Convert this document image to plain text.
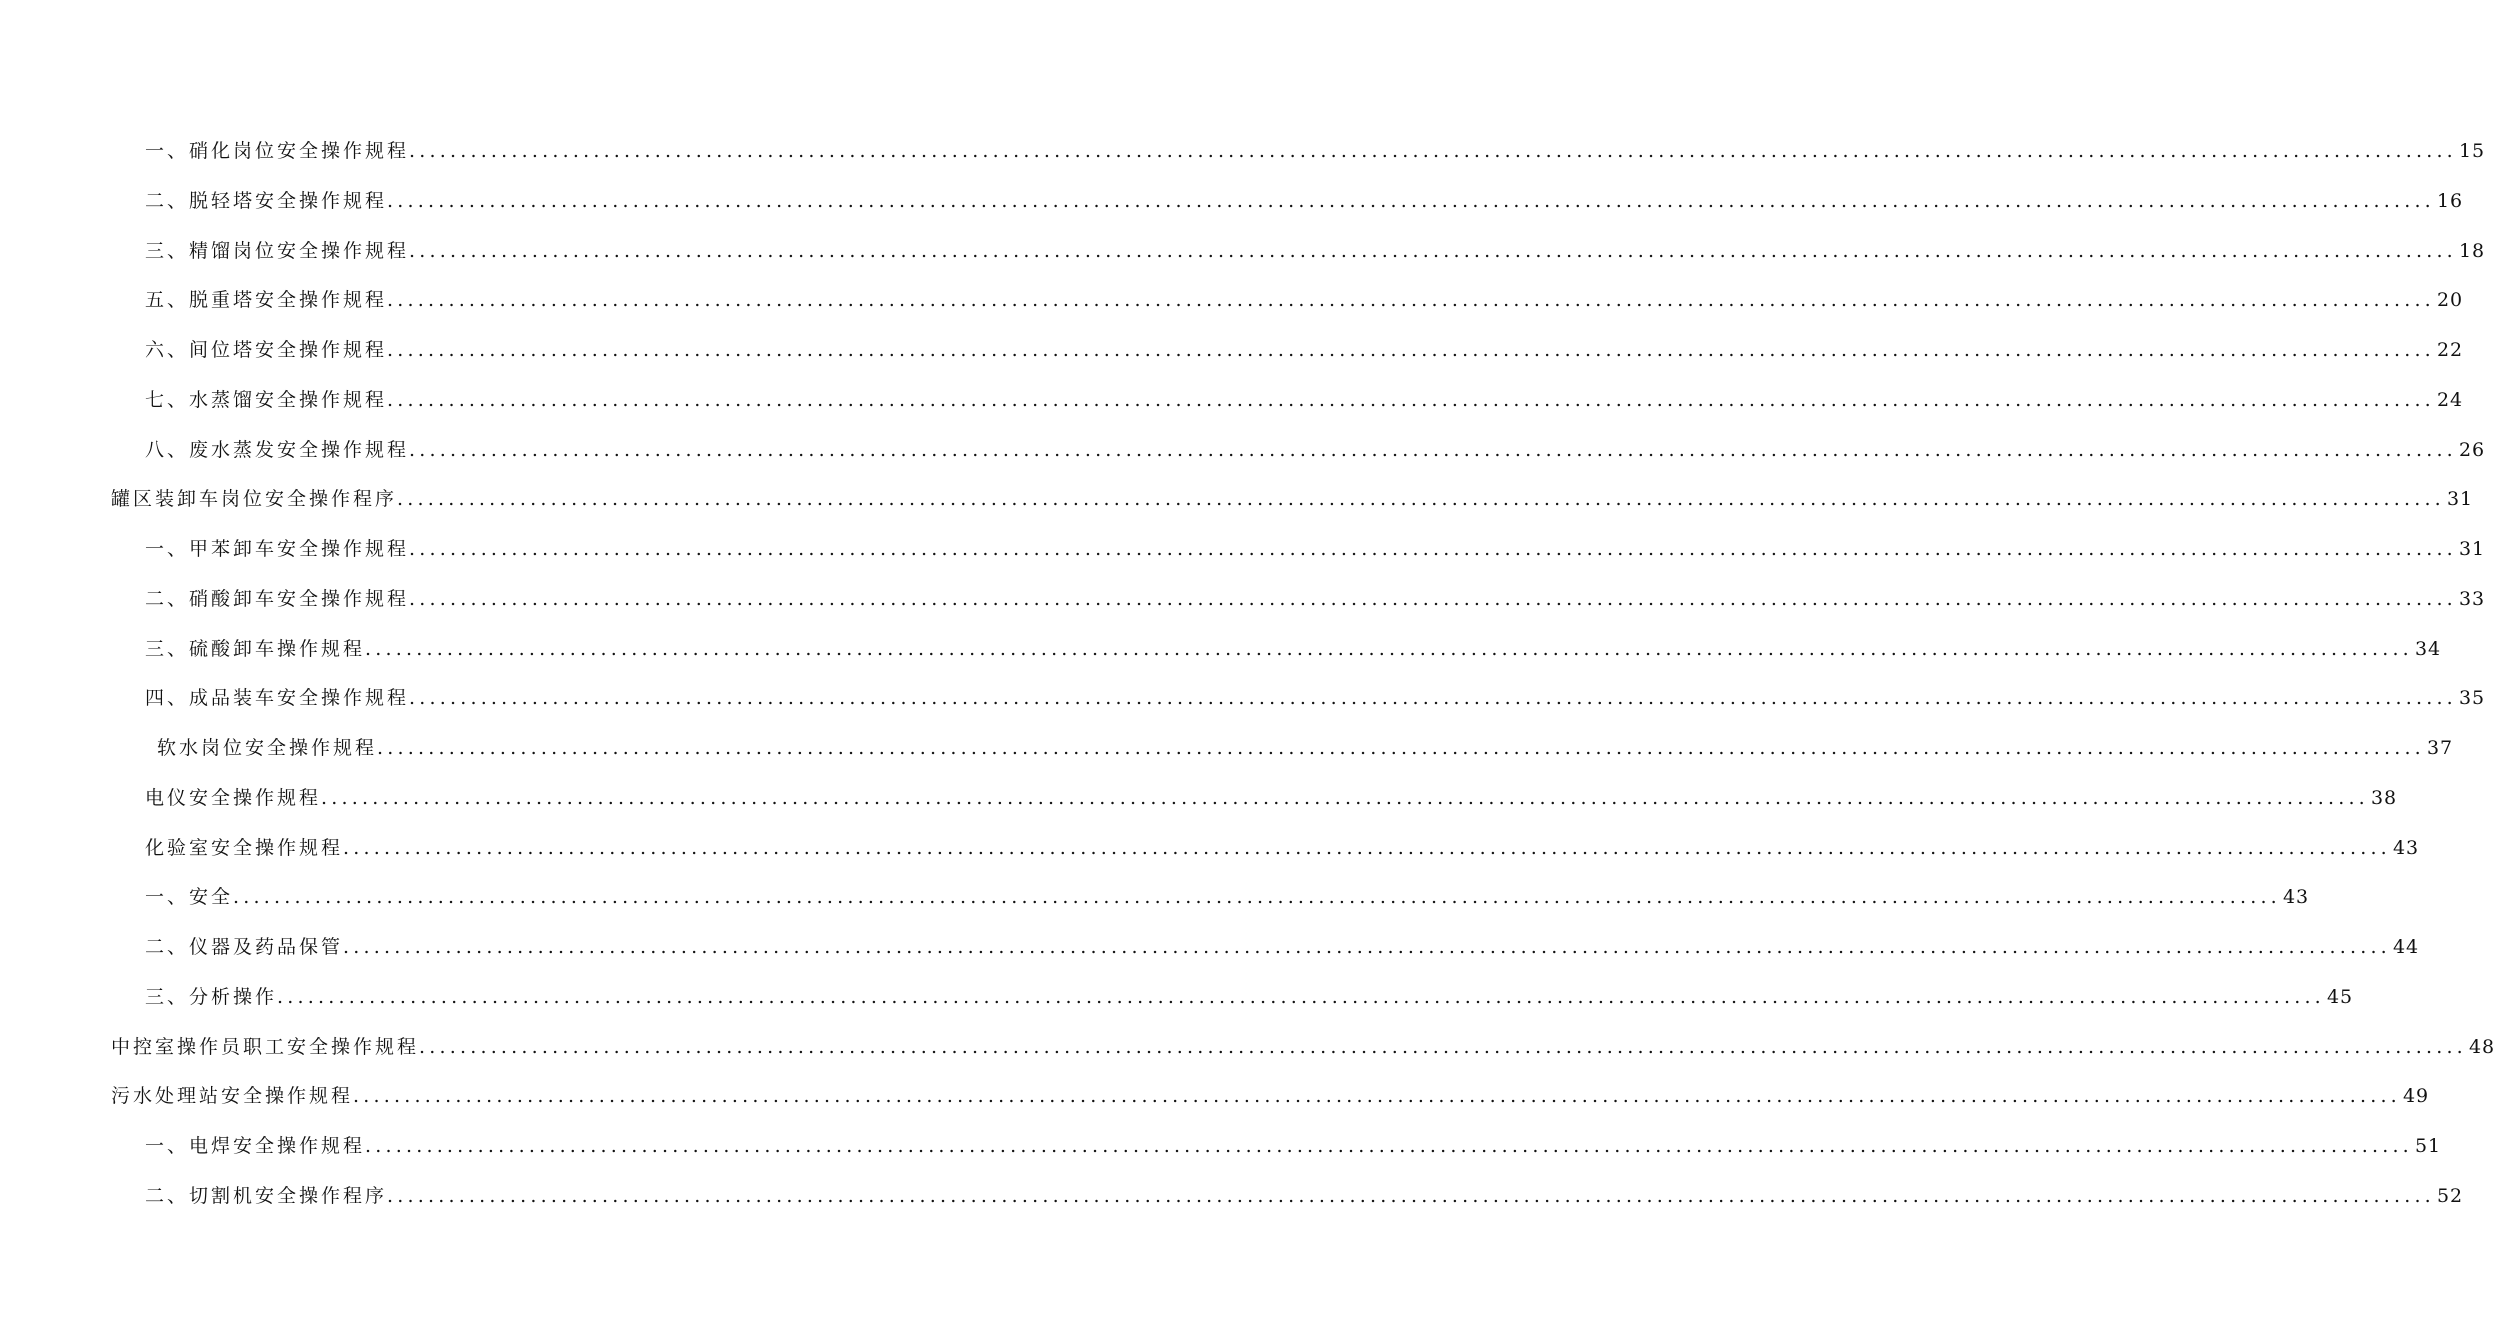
一、硝化岗位安全操作规程 ........................................................................................................................................................................................................ 15
二、脱轻塔安全操作规程 ........................................................................................................................................................................................................ 16
三、精馏岗位安全操作规程 ........................................................................................................................................................................................................ 18
五、脱重塔安全操作规程 ........................................................................................................................................................................................................ 20
六、间位塔安全操作规程 ........................................................................................................................................................................................................ 22
七、水蒸馏安全操作规程 ........................................................................................................................................................................................................ 24
八、废水蒸发安全操作规程 ........................................................................................................................................................................................................ 26
罐区装卸车岗位安全操作程序 ........................................................................................................................................................................................................ 31
一、甲苯卸车安全操作规程 ........................................................................................................................................................................................................ 31
二、硝酸卸车安全操作规程 ........................................................................................................................................................................................................ 33
三、硫酸卸车操作规程 ........................................................................................................................................................................................................ 34
四、成品装车安全操作规程 ........................................................................................................................................................................................................ 35
软水岗位安全操作规程 ........................................................................................................................................................................................................ 37
电仪安全操作规程 ........................................................................................................................................................................................................ 38
化验室安全操作规程 ........................................................................................................................................................................................................ 43
一、安全 ........................................................................................................................................................................................................ 43
二、仪器及药品保管 ........................................................................................................................................................................................................ 44
三、分析操作 ........................................................................................................................................................................................................ 45
中控室操作员职工安全操作规程 ........................................................................................................................................................................................................ 48
污水处理站安全操作规程 ........................................................................................................................................................................................................ 49
一、电焊安全操作规程 ........................................................................................................................................................................................................ 51
二、切割机安全操作程序 ........................................................................................................................................................................................................ 52
